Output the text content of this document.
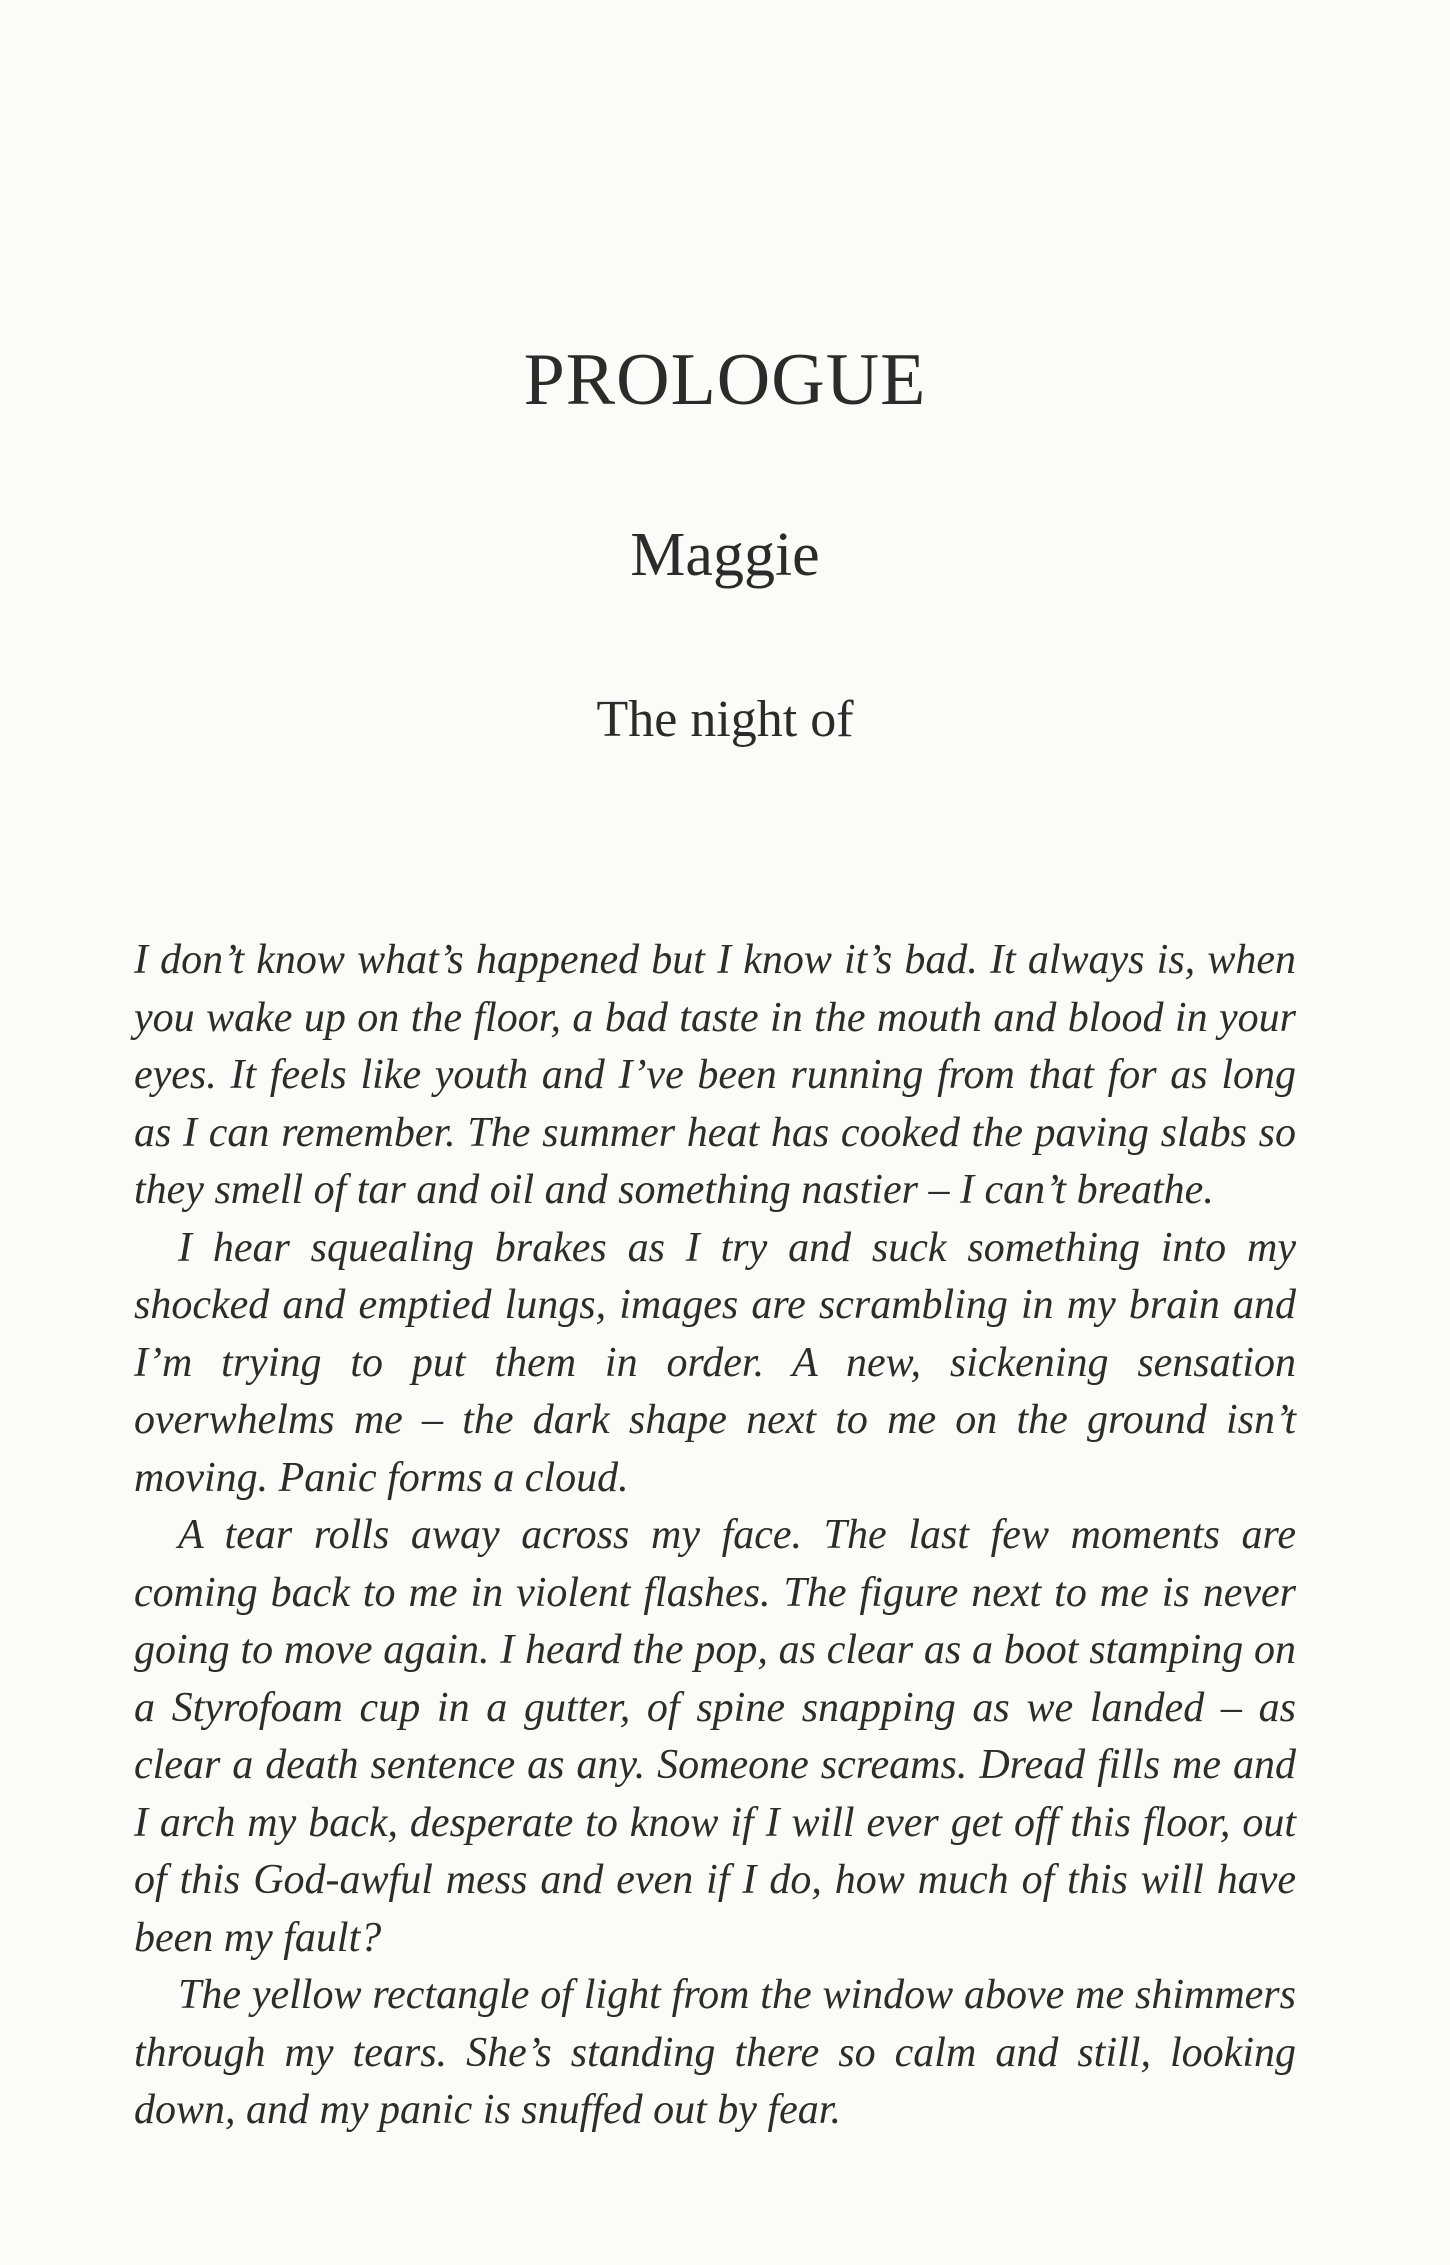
PROLOGUE
Maggie
The night of

I don’t know what’s happened but I know it’s bad. It always is, when you wake up on the floor, a bad taste in the mouth and blood in your eyes. It feels like youth and I’ve been running from that for as long as I can remember. The summer heat has cooked the paving slabs so they smell of tar and oil and something nastier – I can’t breathe.

I hear squealing brakes as I try and suck something into my shocked and emptied lungs, images are scrambling in my brain and I’m trying to put them in order. A new, sickening sensation overwhelms me – the dark shape next to me on the ground isn’t moving. Panic forms a cloud.

A tear rolls away across my face. The last few moments are coming back to me in violent flashes. The figure next to me is never going to move again. I heard the pop, as clear as a boot stamping on a Styrofoam cup in a gutter, of spine snapping as we landed – as clear a death sentence as any. Someone screams. Dread fills me and I arch my back, desperate to know if I will ever get off this floor, out of this God-awful mess and even if I do, how much of this will have been my fault?

The yellow rectangle of light from the window above me shimmers through my tears. She’s standing there so calm and still, looking down, and my panic is snuffed out by fear.
